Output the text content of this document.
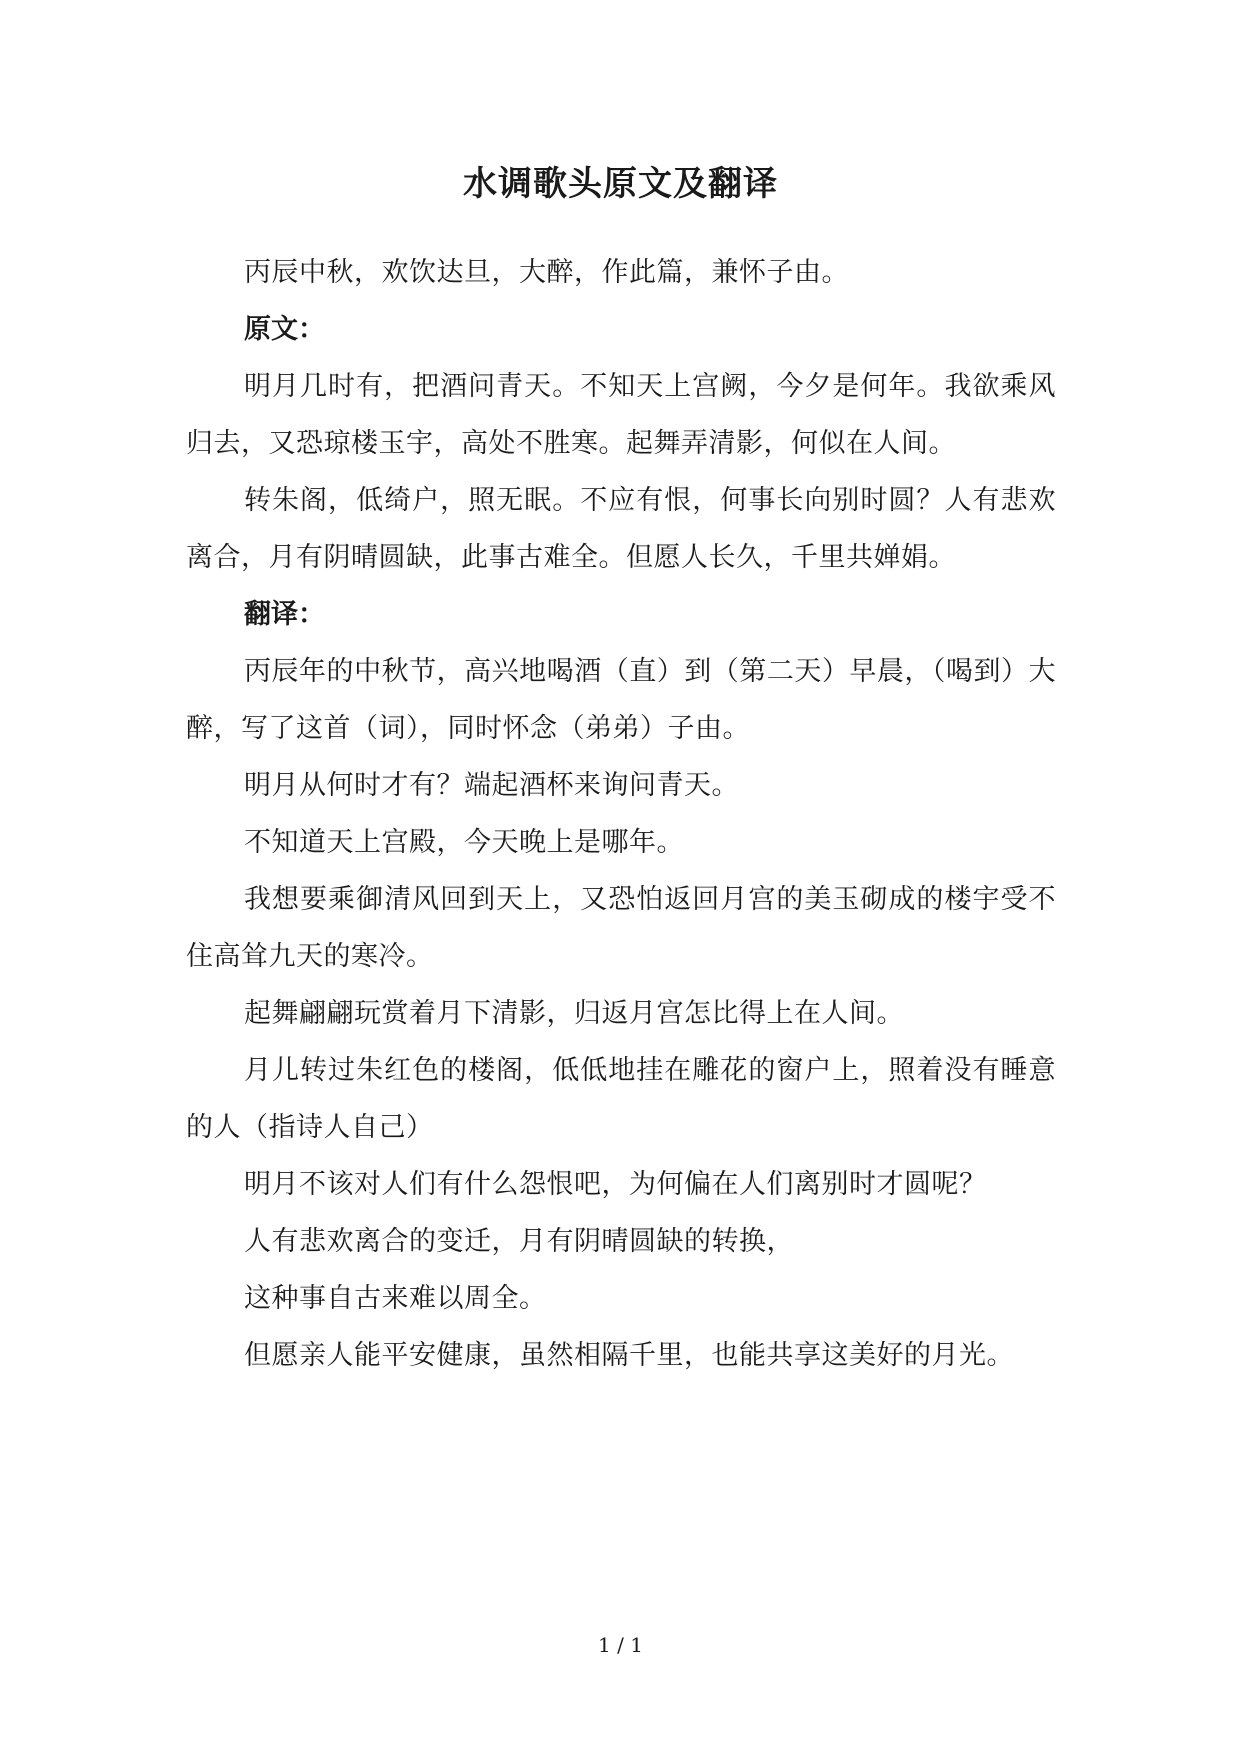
水调歌头原文及翻译

丙辰中秋，欢饮达旦，大醉，作此篇，兼怀子由。

原文：

明月几时有，把酒问青天。不知天上宫阙，今夕是何年。我欲乘风归去，又恐琼楼玉宇，高处不胜寒。起舞弄清影，何似在人间。

转朱阁，低绮户，照无眠。不应有恨，何事长向别时圆？人有悲欢离合，月有阴晴圆缺，此事古难全。但愿人长久，千里共婵娟。

翻译：

丙辰年的中秋节，高兴地喝酒（直）到（第二天）早晨，（喝到）大醉，写了这首（词），同时怀念（弟弟）子由。

明月从何时才有？端起酒杯来询问青天。

不知道天上宫殿，今天晚上是哪年。

我想要乘御清风回到天上，又恐怕返回月宫的美玉砌成的楼宇受不住高耸九天的寒冷。

起舞翩翩玩赏着月下清影，归返月宫怎比得上在人间。

月儿转过朱红色的楼阁，低低地挂在雕花的窗户上，照着没有睡意的人（指诗人自己）

明月不该对人们有什么怨恨吧，为何偏在人们离别时才圆呢？

人有悲欢离合的变迁，月有阴晴圆缺的转换，

这种事自古来难以周全。

但愿亲人能平安健康，虽然相隔千里，也能共享这美好的月光。

1 / 1
